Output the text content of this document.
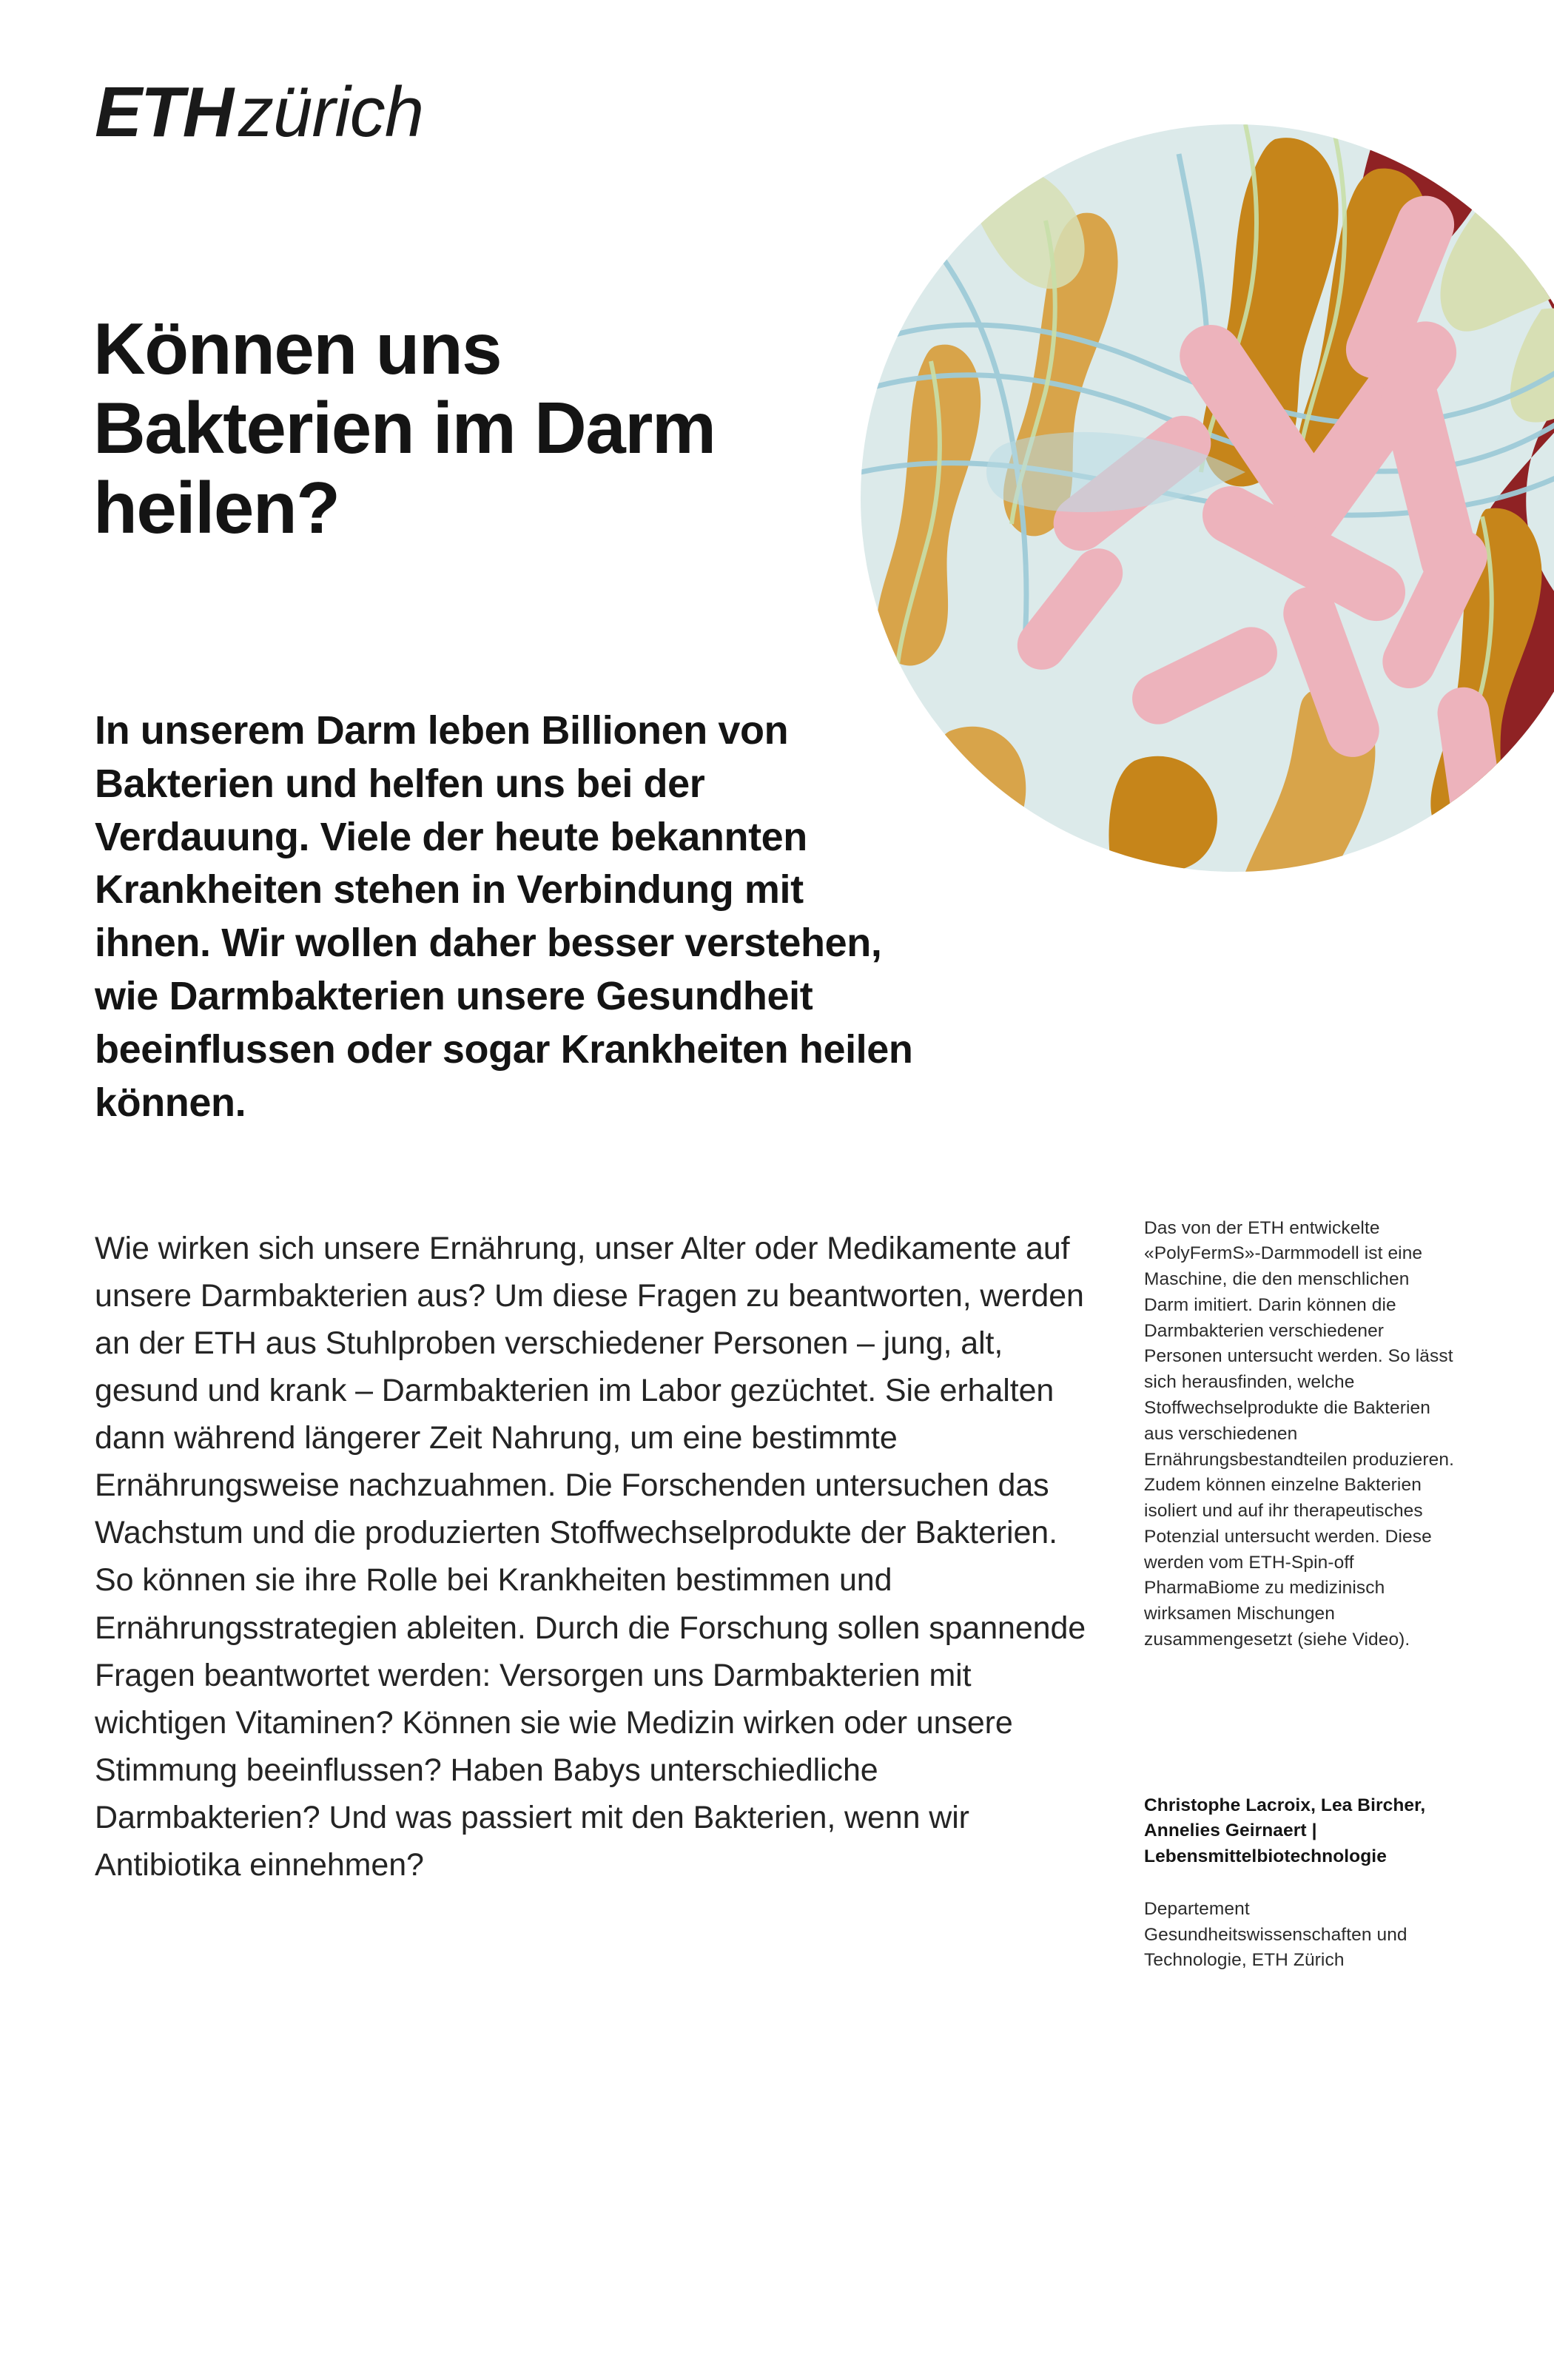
ETHzürich
Können uns Bakterien im Darm heilen?

In unserem Darm leben Billionen von Bakterien und helfen uns bei der Verdauung. Viele der heute bekannten Krankheiten stehen in Verbindung mit ihnen. Wir wollen daher besser verstehen, wie Darmbakterien unsere Gesundheit beeinflussen oder sogar Krankheiten heilen können.

Wie wirken sich unsere Ernährung, unser Alter oder Medikamente auf unsere Darmbakterien aus? Um diese Fragen zu beantworten, werden an der ETH aus Stuhlproben verschiedener Personen – jung, alt, gesund und krank – Darmbakterien im Labor gezüchtet. Sie erhalten dann während längerer Zeit Nahrung, um eine bestimmte Ernährungsweise nachzuahmen. Die Forschenden untersuchen das Wachstum und die produzierten Stoffwechselprodukte der Bakterien. So können sie ihre Rolle bei Krankheiten bestimmen und Ernährungsstrategien ableiten. Durch die Forschung sollen spannende Fragen beantwortet werden: Versorgen uns Darmbakterien mit wichtigen Vitaminen? Können sie wie Medizin wirken oder unsere Stimmung beeinflussen? Haben Babys unterschiedliche Darmbakterien? Und was passiert mit den Bakterien, wenn wir Antibiotika einnehmen?

Das von der ETH entwickelte «PolyFermS»-Darmmodell ist eine Maschine, die den menschlichen Darm imitiert. Darin können die Darmbakterien verschiedener Personen untersucht werden. So lässt sich herausfinden, welche Stoffwechselprodukte die Bakterien aus verschiedenen Ernährungsbestandteilen produzieren. Zudem können einzelne Bakterien isoliert und auf ihr therapeutisches Potenzial untersucht werden. Diese werden vom ETH-Spin-off PharmaBiome zu medizinisch wirksamen Mischungen zusammengesetzt (siehe Video).

Christophe Lacroix, Lea Bircher, Annelies Geirnaert | Lebensmittelbiotechnologie

Departement Gesundheitswissenschaften und Technologie, ETH Zürich
